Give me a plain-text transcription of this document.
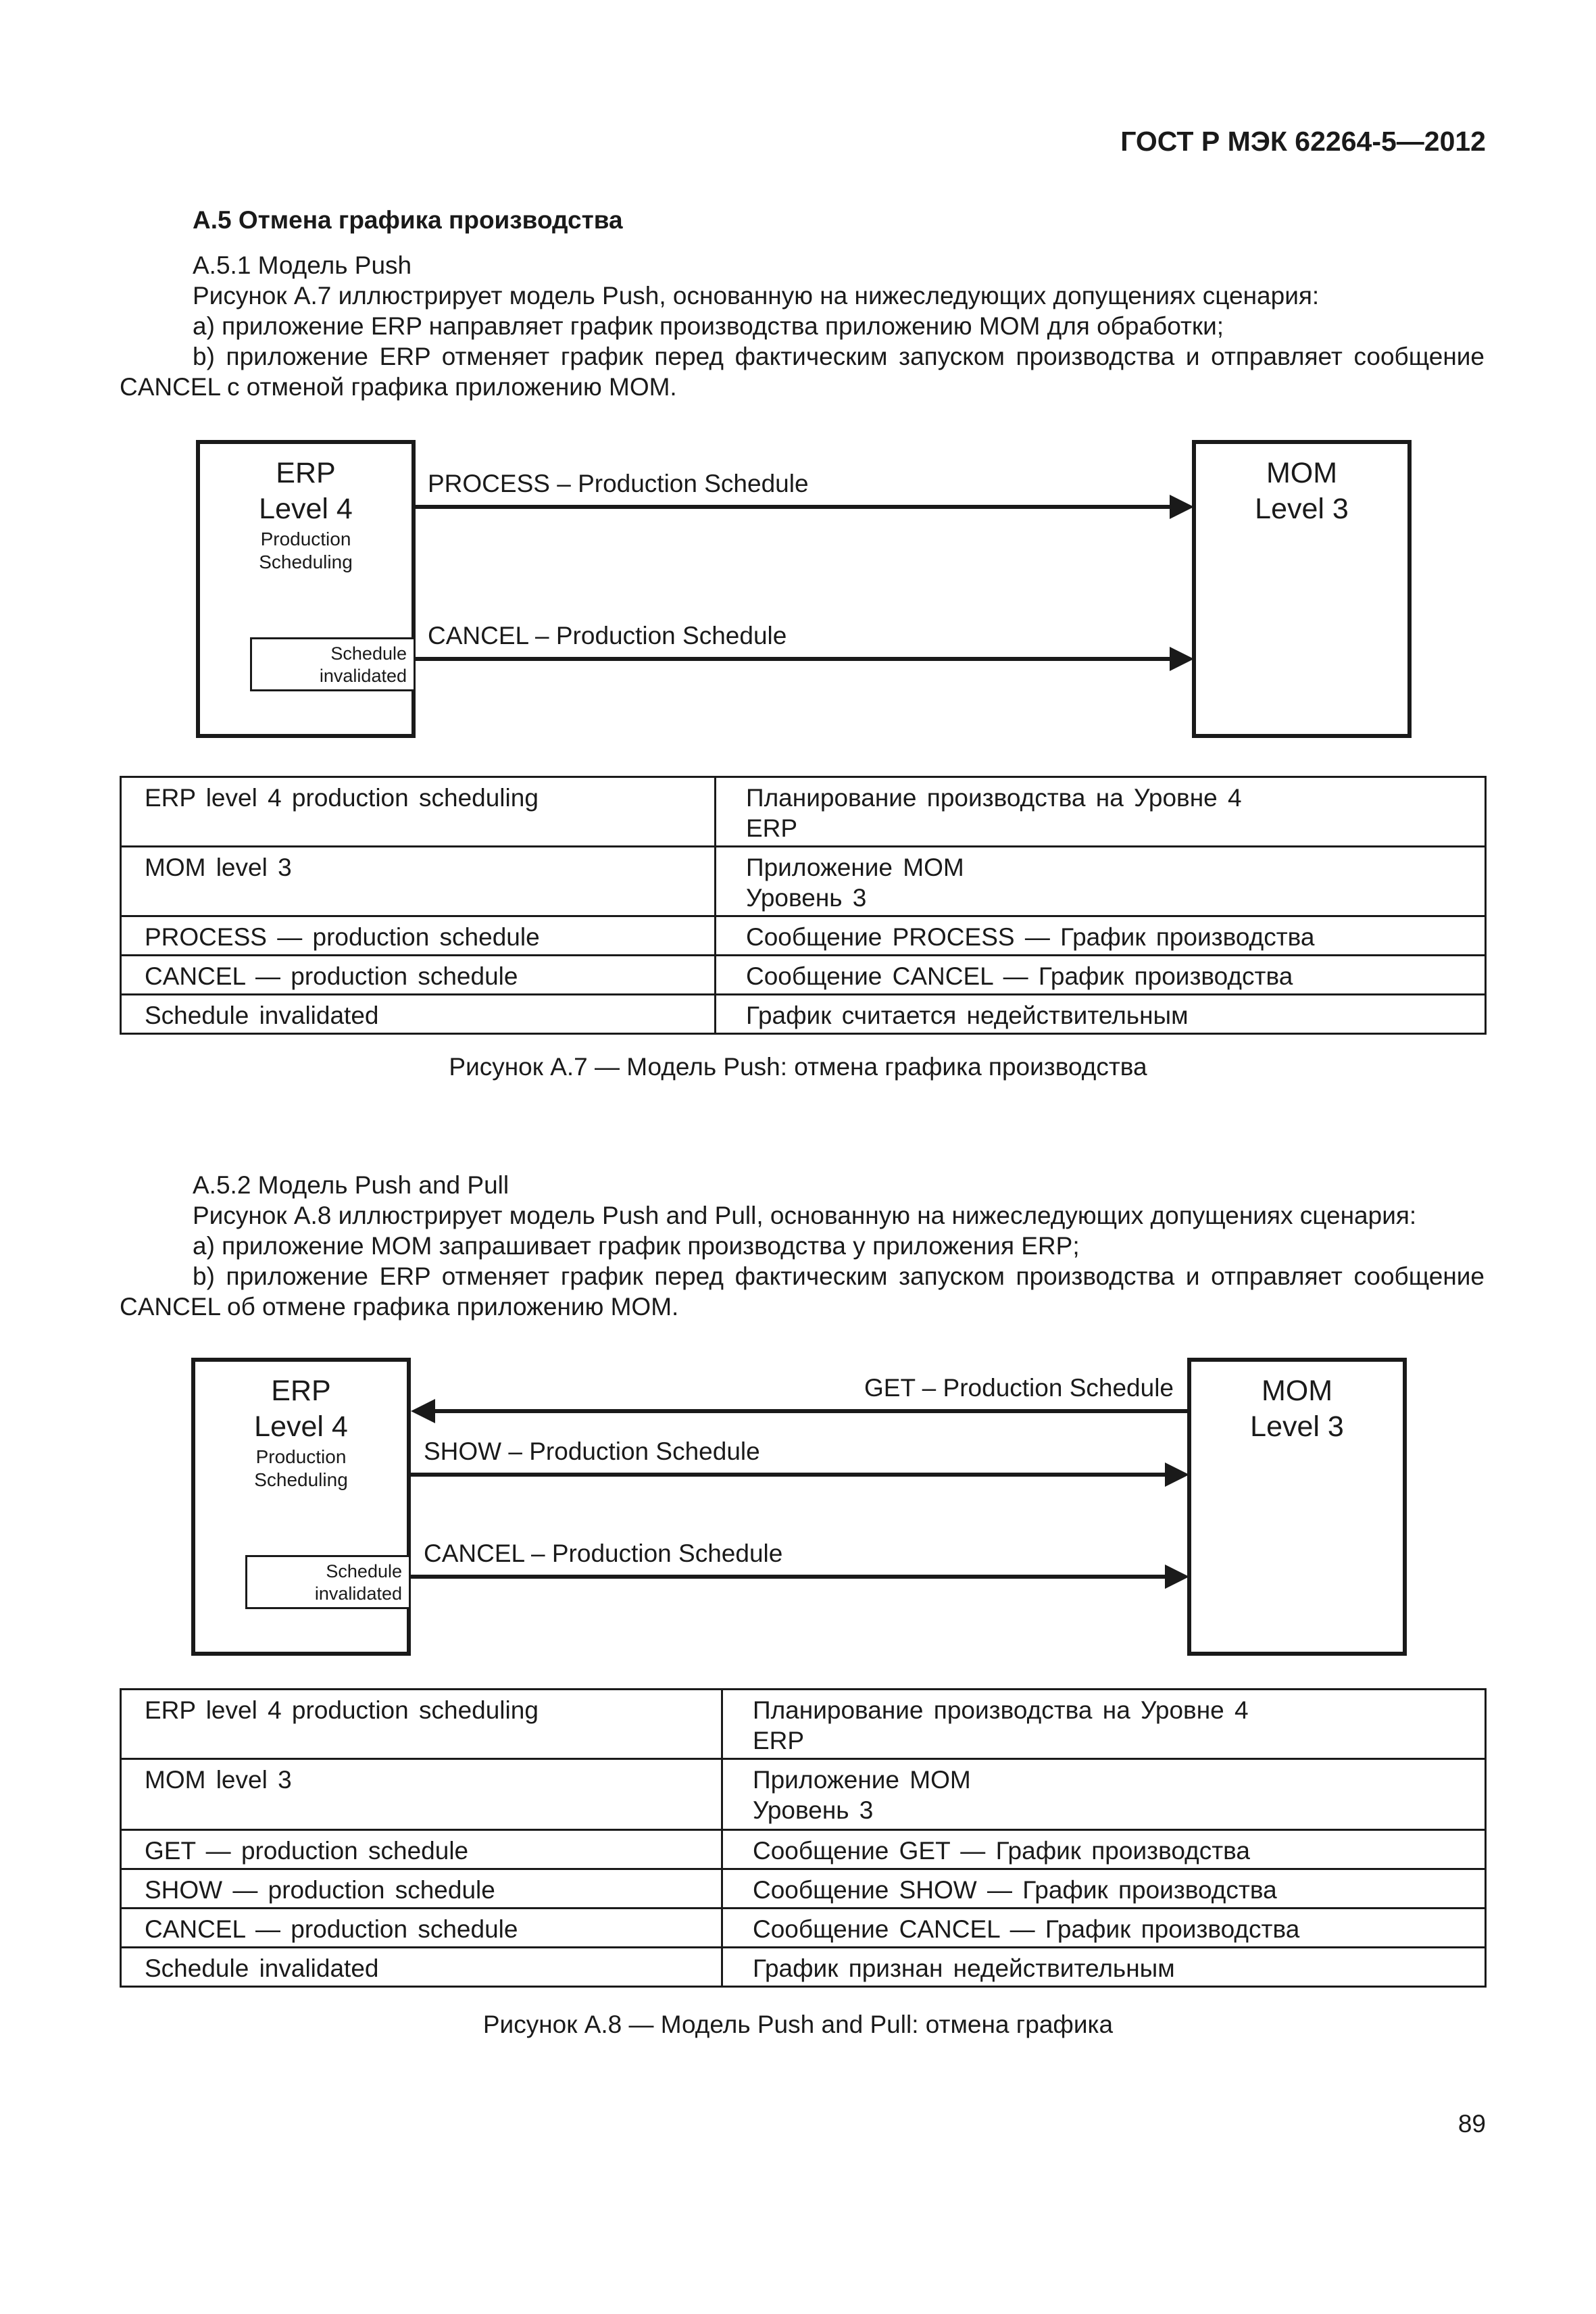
ГОСТ Р МЭК 62264-5—2012
А.5 Отмена графика производства

А.5.1 Модель Push

Рисунок А.7 иллюстрирует модель Push, основанную на нижеследующих допущениях сценария:

a) приложение ERP направляет график производства приложению MOM для обработки;

b) приложение ERP отменяет график перед фактическим запуском производства и отправляет сообщение CANCEL с отменой графика приложению MOM.

ERP
Level 4
Production
Scheduling
Schedule
invalidated
MOM
Level 3
PROCESS – Production Schedule
CANCEL – Production Schedule
ERP level 4 production scheduling	Планирование производства на Уровне 4
ERP

MOM level 3	Приложение MOM
Уровень 3

PROCESS — production schedule	Сообщение PROCESS — График производства
CANCEL — production schedule	Сообщение CANCEL — График производства
Schedule invalidated	График считается недействительным
Рисунок А.7 — Модель Push: отмена графика производства

А.5.2 Модель Push and Pull

Рисунок А.8 иллюстрирует модель Push and Pull, основанную на нижеследующих допущениях сценария:

a) приложение MOM запрашивает график производства у приложения ERP;

b) приложение ERP отменяет график перед фактическим запуском производства и отправляет сообщение CANCEL об отмене графика приложению MOM.

ERP
Level 4
Production
Scheduling
Schedule
invalidated
MOM
Level 3
GET – Production Schedule
SHOW – Production Schedule
CANCEL – Production Schedule
ERP level 4 production scheduling	Планирование производства на Уровне 4
ERP

MOM level 3	Приложение MOM
Уровень 3

GET — production schedule	Сообщение GET — График производства
SHOW — production schedule	Сообщение SHOW — График производства
CANCEL — production schedule	Сообщение CANCEL — График производства
Schedule invalidated	График признан недействительным
Рисунок А.8 — Модель Push and Pull: отмена графика
89
